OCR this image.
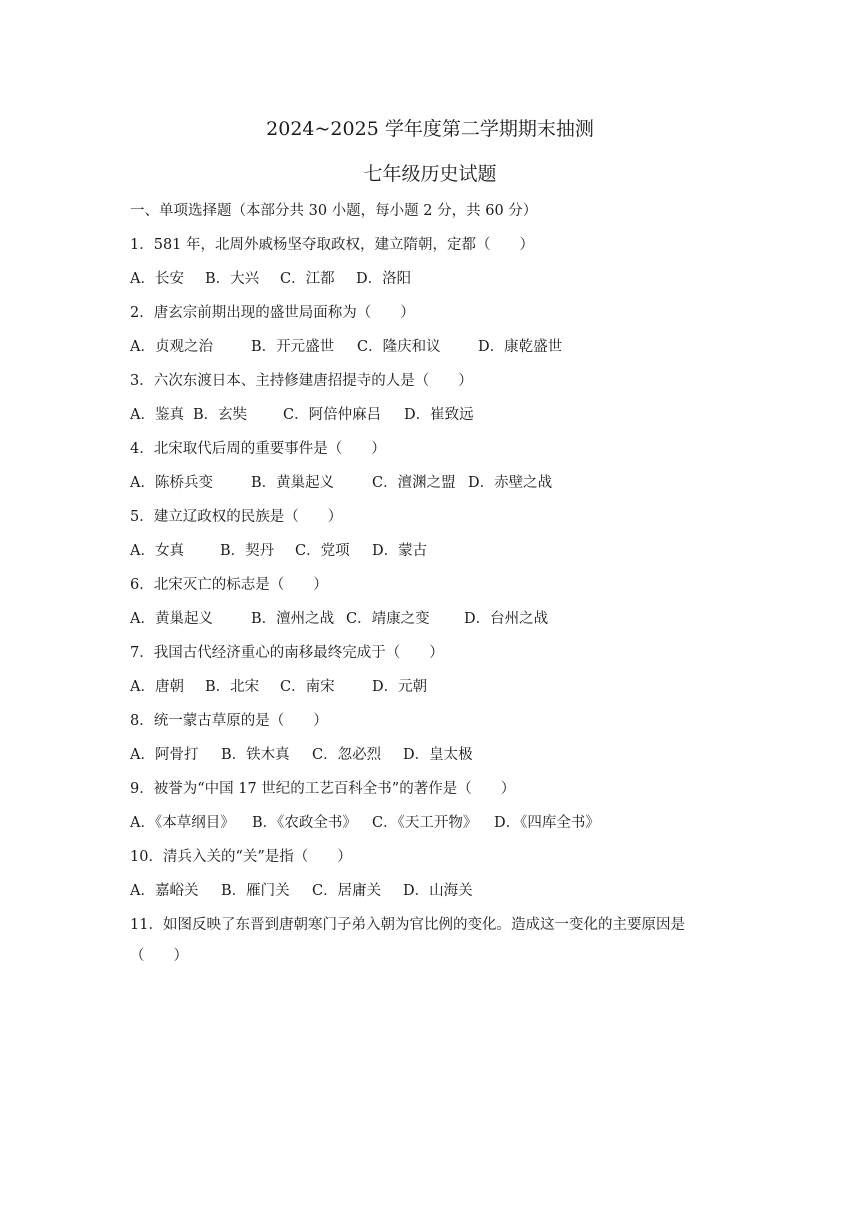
2024~2025 学年度第二学期期末抽测
七年级历史试题
一、单项选择题（本部分共 30 小题，每小题 2 分，共 60 分）
1．581 年，北周外戚杨坚夺取政权，建立隋朝，定都（　　）
A．长安 B．大兴 C．江都 D．洛阳
2．唐玄宗前期出现的盛世局面称为（　　）
A．贞观之治	B．开元盛世 C．隆庆和议	D．康乾盛世
3．六次东渡日本、主持修建唐招提寺的人是（　　）
A．鉴真 B．玄奘 C．阿倍仲麻吕 D．崔致远
4．北宋取代后周的重要事件是（　　）
A．陈桥兵变	B．黄巢起义	C．澶渊之盟 D．赤壁之战
5．建立辽政权的民族是（　　）
A．女真 B．契丹 C．党项 D．蒙古
6．北宋灭亡的标志是（　　）
A．黄巢起义	B．澶州之战 C．靖康之变 D．台州之战
7．我国古代经济重心的南移最终完成于（　　）
A．唐朝 B．北宋 C．南宋	D．元朝
8．统一蒙古草原的是（　　）
A．阿骨打 B．铁木真 C．忽必烈 D．皇太极
9．被誉为“中国 17 世纪的工艺百科全书”的著作是（　　）
A．《本草纲目》 B．《农政全书》 C．《天工开物》 D．《四库全书》
10．清兵入关的“关”是指（　　）
A．嘉峪关 B．雁门关 C．居庸关 D．山海关
11．如图反映了东晋到唐朝寒门子弟入朝为官比例的变化。造成这一变化的主要原因是
（　　）
